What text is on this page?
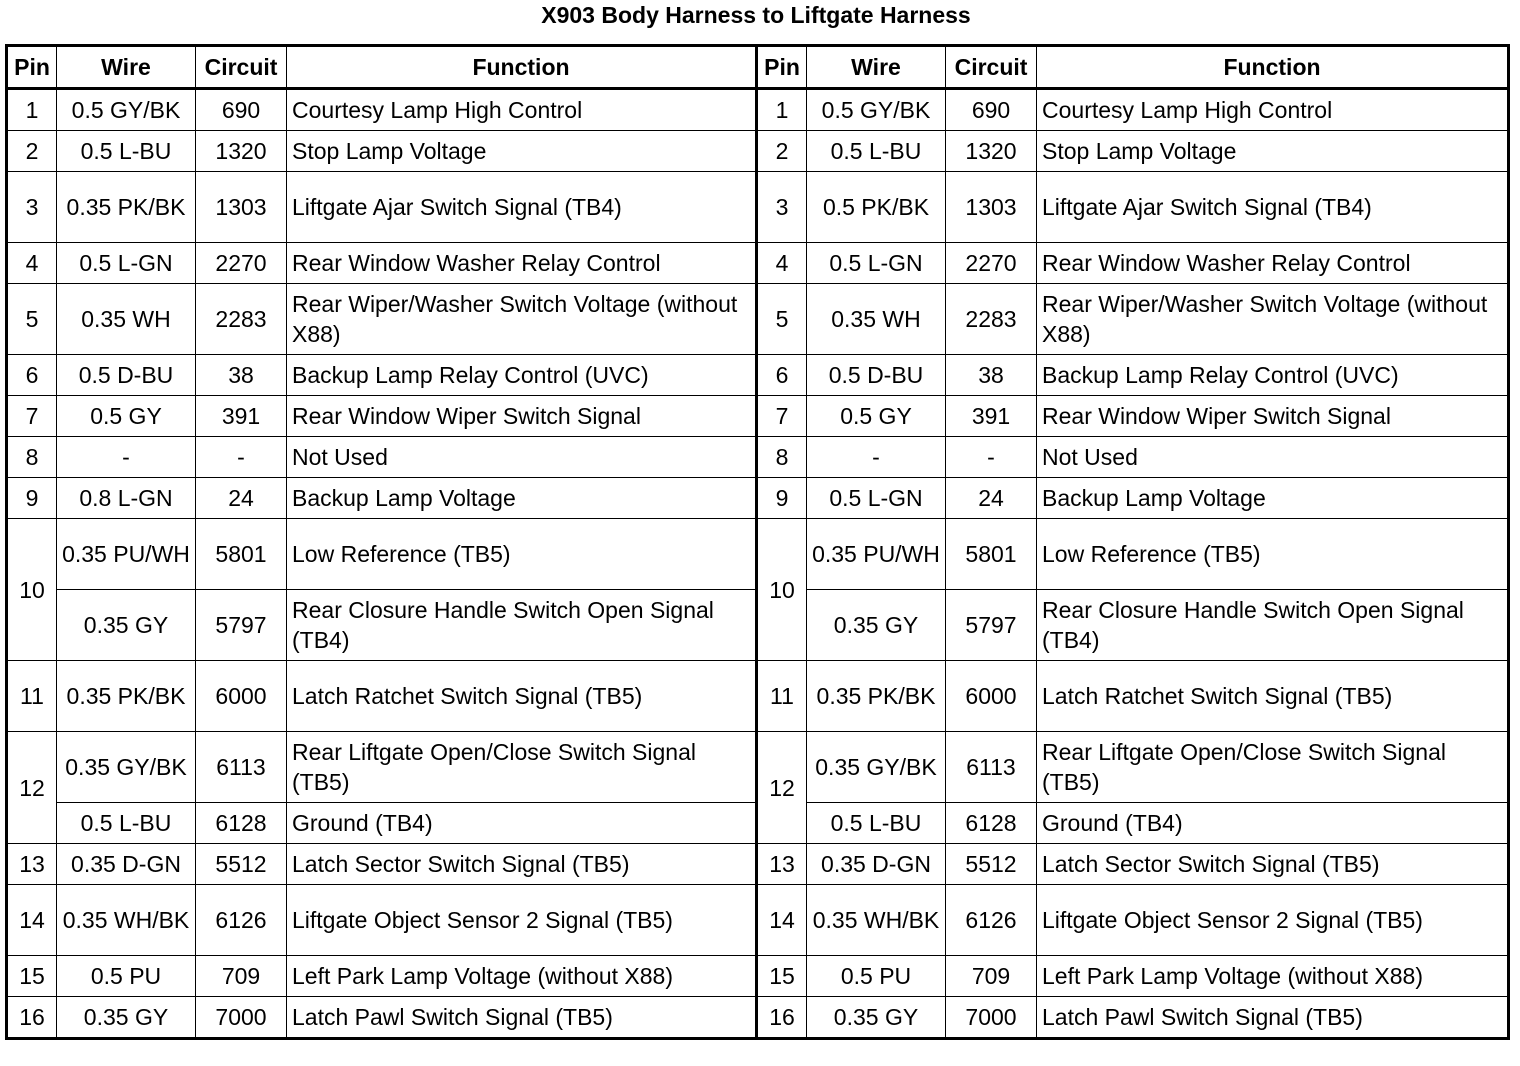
X903 Body Harness to Liftgate Harness
Pin	Wire	Circuit	Function	Pin	Wire	Circuit	Function
1	0.5 GY/BK	690	Courtesy Lamp High Control	1	0.5 GY/BK	690	Courtesy Lamp High Control
2	0.5 L-BU	1320	Stop Lamp Voltage	2	0.5 L-BU	1320	Stop Lamp Voltage
3	0.35 PK/BK	1303	Liftgate Ajar Switch Signal (TB4)	3	0.5 PK/BK	1303	Liftgate Ajar Switch Signal (TB4)
4	0.5 L-GN	2270	Rear Window Washer Relay Control	4	0.5 L-GN	2270	Rear Window Washer Relay Control
5	0.35 WH	2283	Rear Wiper/Washer Switch Voltage (without X88)	5	0.35 WH	2283	Rear Wiper/Washer Switch Voltage (without X88)
6	0.5 D-BU	38	Backup Lamp Relay Control (UVC)	6	0.5 D-BU	38	Backup Lamp Relay Control (UVC)
7	0.5 GY	391	Rear Window Wiper Switch Signal	7	0.5 GY	391	Rear Window Wiper Switch Signal
8	-	-	Not Used	8	-	-	Not Used
9	0.8 L-GN	24	Backup Lamp Voltage	9	0.5 L-GN	24	Backup Lamp Voltage
10	0.35 PU/WH	5801	Low Reference (TB5)	10	0.35 PU/WH	5801	Low Reference (TB5)
	0.35 GY	5797	Rear Closure Handle Switch Open Signal (TB4)		0.35 GY	5797	Rear Closure Handle Switch Open Signal (TB4)
11	0.35 PK/BK	6000	Latch Ratchet Switch Signal (TB5)	11	0.35 PK/BK	6000	Latch Ratchet Switch Signal (TB5)
12	0.35 GY/BK	6113	Rear Liftgate Open/Close Switch Signal (TB5)	12	0.35 GY/BK	6113	Rear Liftgate Open/Close Switch Signal (TB5)
	0.5 L-BU	6128	Ground (TB4)		0.5 L-BU	6128	Ground (TB4)
13	0.35 D-GN	5512	Latch Sector Switch Signal (TB5)	13	0.35 D-GN	5512	Latch Sector Switch Signal (TB5)
14	0.35 WH/BK	6126	Liftgate Object Sensor 2 Signal (TB5)	14	0.35 WH/BK	6126	Liftgate Object Sensor 2 Signal (TB5)
15	0.5 PU	709	Left Park Lamp Voltage (without X88)	15	0.5 PU	709	Left Park Lamp Voltage (without X88)
16	0.35 GY	7000	Latch Pawl Switch Signal (TB5)	16	0.35 GY	7000	Latch Pawl Switch Signal (TB5)
